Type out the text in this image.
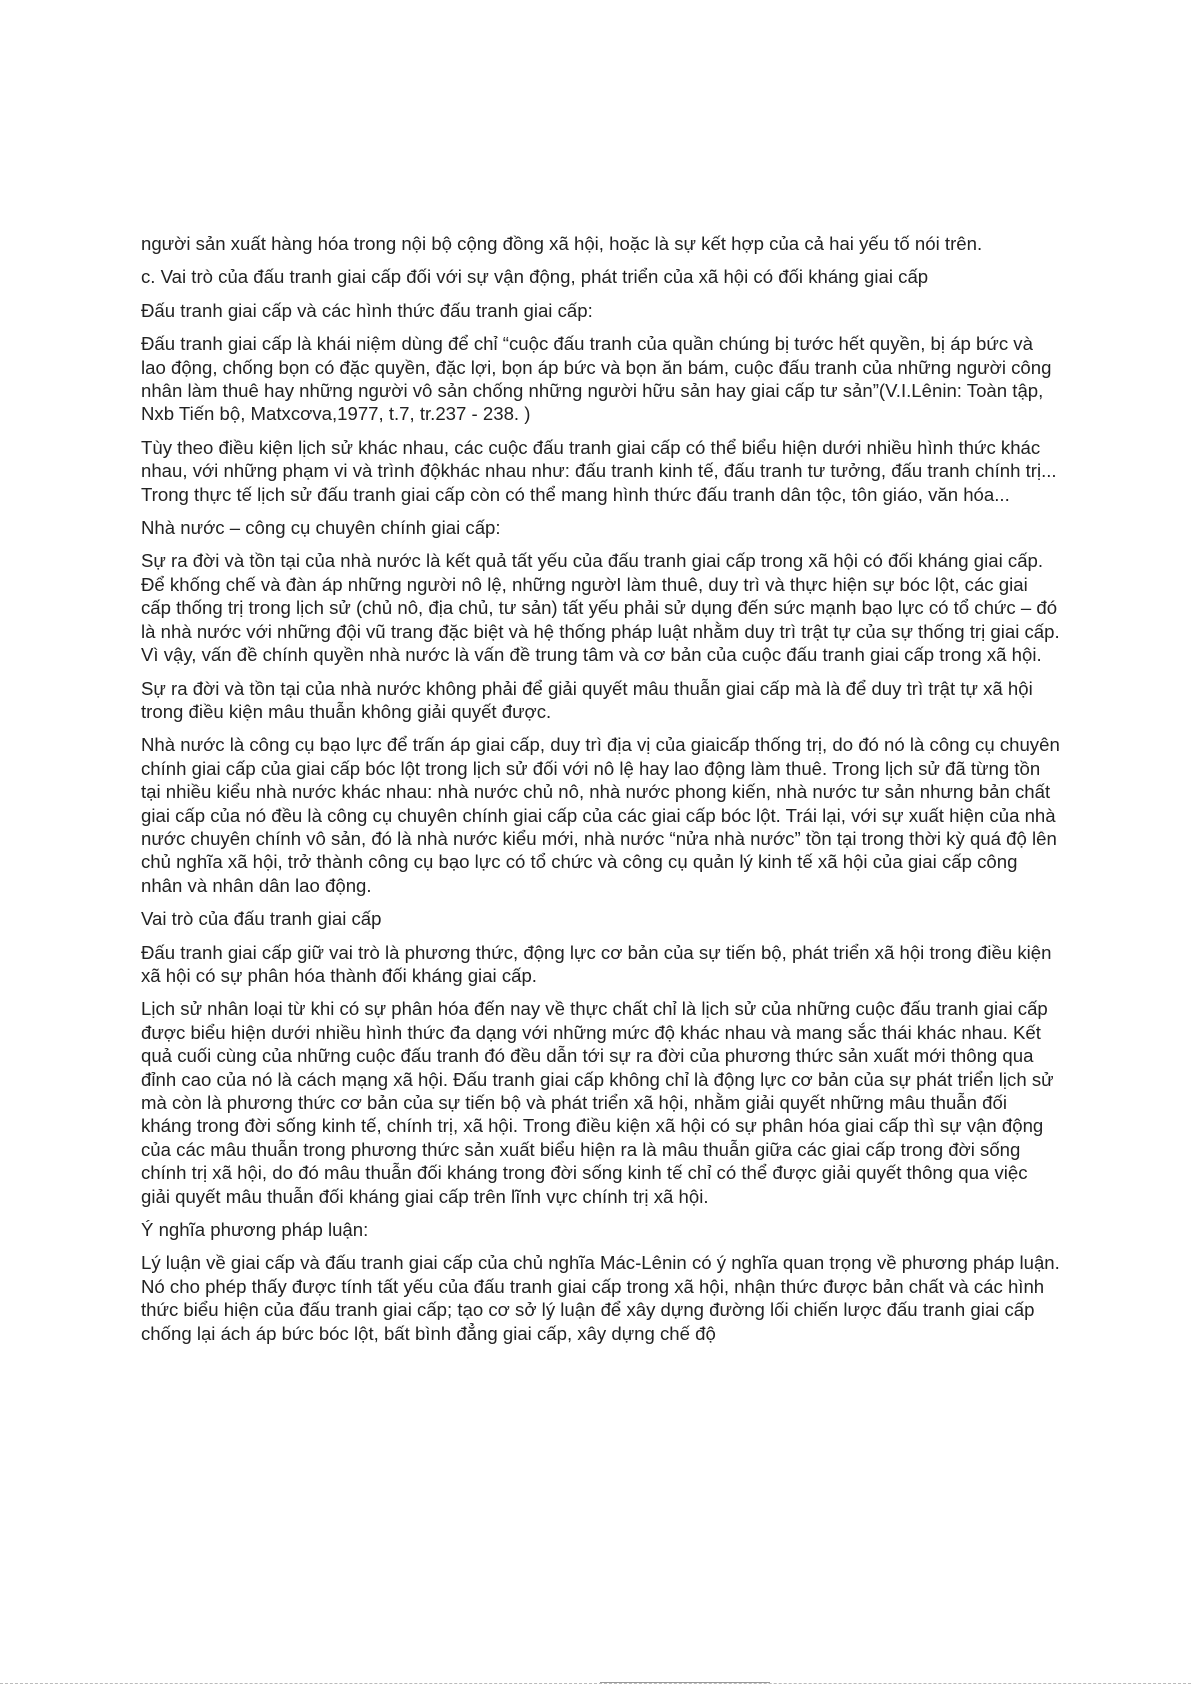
người sản xuất hàng hóa trong nội bộ cộng đồng xã hội, hoặc là sự kết hợp của cả hai yếu tố nói trên.

c. Vai trò của đấu tranh giai cấp đối với sự vận động, phát triển của xã hội có đối kháng giai cấp

Đấu tranh giai cấp và các hình thức đấu tranh giai cấp:

Đấu tranh giai cấp là khái niệm dùng để chỉ “cuộc đấu tranh của quần chúng bị tước hết quyền, bị áp bức và lao động, chống bọn có đặc quyền, đặc lợi, bọn áp bức và bọn ăn bám, cuộc đấu tranh của những người công nhân làm thuê hay những người vô sản chống những người hữu sản hay giai cấp tư sản”(V.I.Lênin: Toàn tập, Nxb Tiến bộ, Matxcơva,1977, t.7, tr.237 - 238. )

Tùy theo điều kiện lịch sử khác nhau, các cuộc đấu tranh giai cấp có thể biểu hiện dưới nhiều hình thức khác nhau, với những phạm vi và trình độkhác nhau như: đấu tranh kinh tế, đấu tranh tư tưởng, đấu tranh chính trị... Trong thực tế lịch sử đấu tranh giai cấp còn có thể mang hình thức đấu tranh dân tộc, tôn giáo, văn hóa...

Nhà nước – công cụ chuyên chính giai cấp:

Sự ra đời và tồn tại của nhà nước là kết quả tất yếu của đấu tranh giai cấp trong xã hội có đối kháng giai cấp. Để khống chế và đàn áp những người nô lệ, những ngườI làm thuê, duy trì và thực hiện sự bóc lột, các giai cấp thống trị trong lịch sử (chủ nô, địa chủ, tư sản) tất yếu phải sử dụng đến sức mạnh bạo lực có tổ chức – đó là nhà nước với những đội vũ trang đặc biệt và hệ thống pháp luật nhằm duy trì trật tự của sự thống trị giai cấp. Vì vậy, vấn đề chính quyền nhà nước là vấn đề trung tâm và cơ bản của cuộc đấu tranh giai cấp trong xã hội.

Sự ra đời và tồn tại của nhà nước không phải để giải quyết mâu thuẫn giai cấp mà là để duy trì trật tự xã hội trong điều kiện mâu thuẫn không giải quyết được.

Nhà nước là công cụ bạo lực để trấn áp giai cấp, duy trì địa vị của giaicấp thống trị, do đó nó là công cụ chuyên chính giai cấp của giai cấp bóc lột trong lịch sử đối với nô lệ hay lao động làm thuê. Trong lịch sử đã từng tồn tại nhiều kiểu nhà nước khác nhau: nhà nước chủ nô, nhà nước phong kiến, nhà nước tư sản nhưng bản chất giai cấp của nó đều là công cụ chuyên chính giai cấp của các giai cấp bóc lột. Trái lại, với sự xuất hiện của nhà nước chuyên chính vô sản, đó là nhà nước kiểu mới, nhà nước “nửa nhà nước” tồn tại trong thời kỳ quá độ lên chủ nghĩa xã hội, trở thành công cụ bạo lực có tổ chức và công cụ quản lý kinh tế xã hội của giai cấp công nhân và nhân dân lao động.

Vai trò của đấu tranh giai cấp

Đấu tranh giai cấp giữ vai trò là phương thức, động lực cơ bản của sự tiến bộ, phát triển xã hội trong điều kiện xã hội có sự phân hóa thành đối kháng giai cấp.

Lịch sử nhân loại từ khi có sự phân hóa đến nay về thực chất chỉ là lịch sử của những cuộc đấu tranh giai cấp được biểu hiện dưới nhiều hình thức đa dạng với những mức độ khác nhau và mang sắc thái khác nhau. Kết quả cuối cùng của những cuộc đấu tranh đó đều dẫn tới sự ra đời của phương thức sản xuất mới thông qua đỉnh cao của nó là cách mạng xã hội. Đấu tranh giai cấp không chỉ là động lực cơ bản của sự phát triển lịch sử mà còn là phương thức cơ bản của sự tiến bộ và phát triển xã hội, nhằm giải quyết những mâu thuẫn đối kháng trong đời sống kinh tế, chính trị, xã hội. Trong điều kiện xã hội có sự phân hóa giai cấp thì sự vận động của các mâu thuẫn trong phương thức sản xuất biểu hiện ra là mâu thuẫn giữa các giai cấp trong đời sống chính trị xã hội, do đó mâu thuẫn đối kháng trong đời sống kinh tế chỉ có thể được giải quyết thông qua việc giải quyết mâu thuẫn đối kháng giai cấp trên lĩnh vực chính trị xã hội.

Ý nghĩa phương pháp luận:

Lý luận về giai cấp và đấu tranh giai cấp của chủ nghĩa Mác-Lênin có ý nghĩa quan trọng về phương pháp luận. Nó cho phép thấy được tính tất yếu của đấu tranh giai cấp trong xã hội, nhận thức được bản chất và các hình thức biểu hiện của đấu tranh giai cấp; tạo cơ sở lý luận để xây dựng đường lối chiến lược đấu tranh giai cấp chống lại ách áp bức bóc lột, bất bình đẳng giai cấp, xây dựng chế độ
